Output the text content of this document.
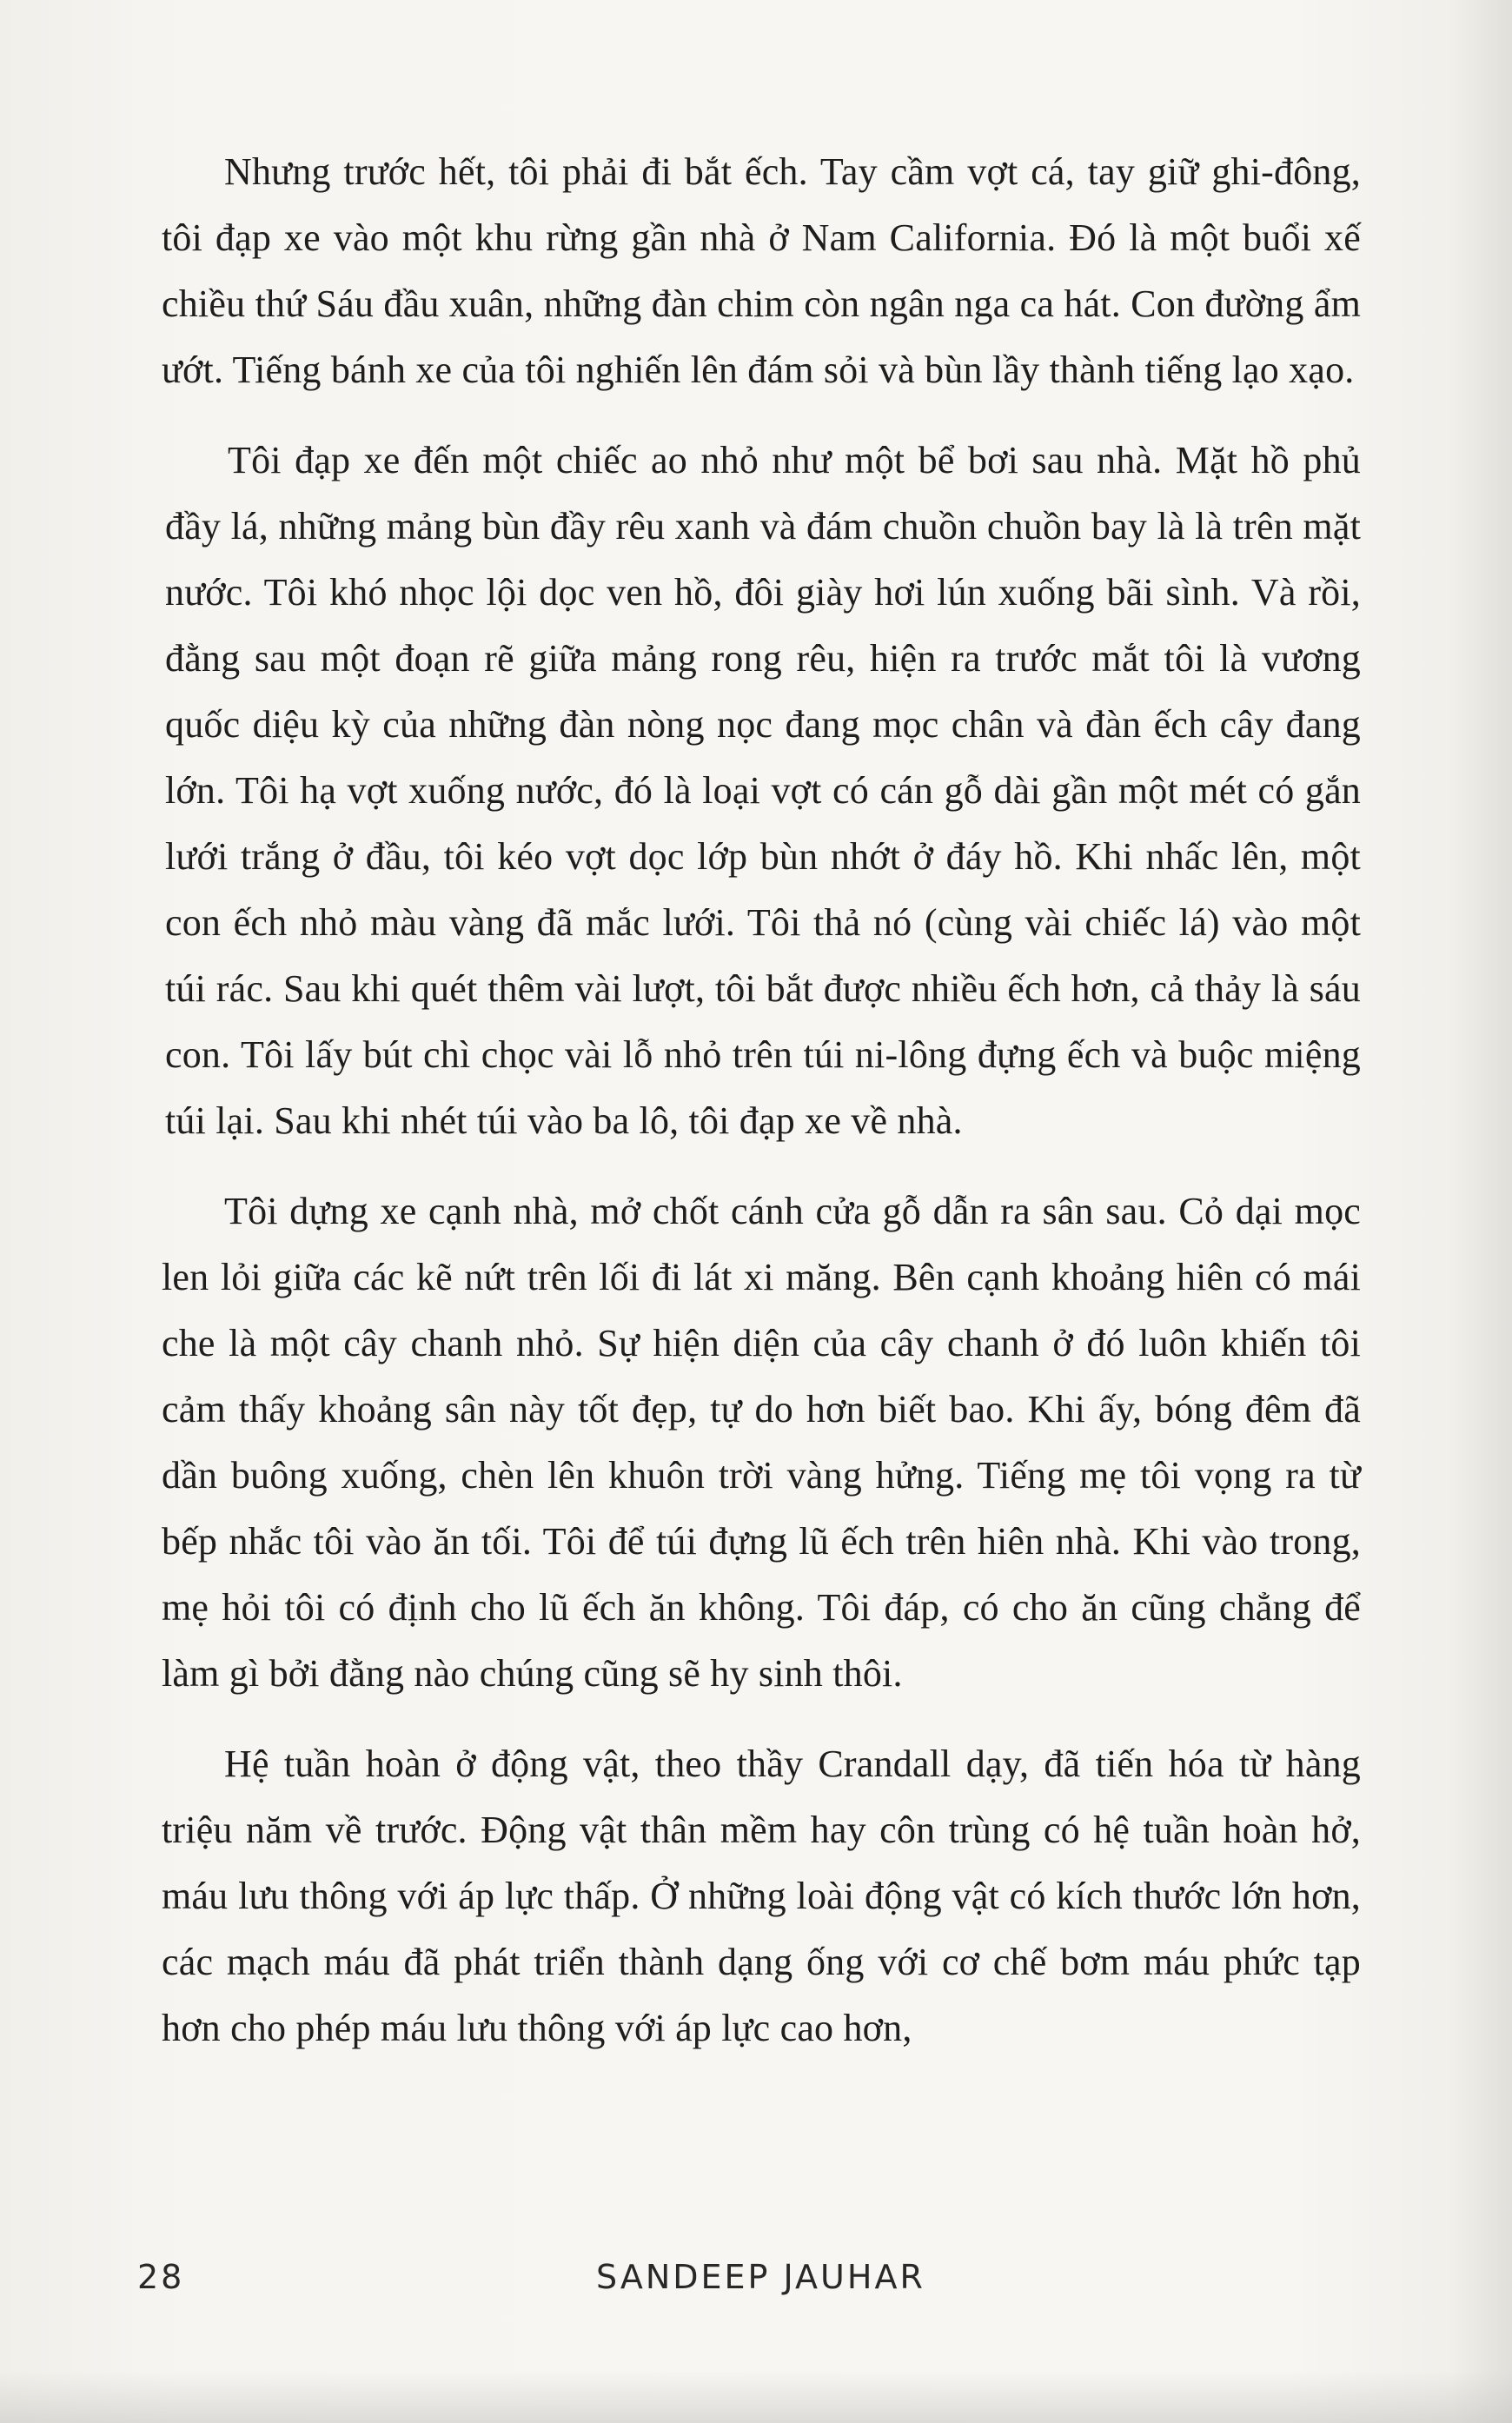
Nhưng trước hết, tôi phải đi bắt ếch. Tay cầm vợt cá, tay giữ ghi-đông, tôi đạp xe vào một khu rừng gần nhà ở Nam California. Đó là một buổi xế chiều thứ Sáu đầu xuân, những đàn chim còn ngân nga ca hát. Con đường ẩm ướt. Tiếng bánh xe của tôi nghiến lên đám sỏi và bùn lầy thành tiếng lạo xạo.

Tôi đạp xe đến một chiếc ao nhỏ như một bể bơi sau nhà. Mặt hồ phủ đầy lá, những mảng bùn đầy rêu xanh và đám chuồn chuồn bay là là trên mặt nước. Tôi khó nhọc lội dọc ven hồ, đôi giày hơi lún xuống bãi sình. Và rồi, đằng sau một đoạn rẽ giữa mảng rong rêu, hiện ra trước mắt tôi là vương quốc diệu kỳ của những đàn nòng nọc đang mọc chân và đàn ếch cây đang lớn. Tôi hạ vợt xuống nước, đó là loại vợt có cán gỗ dài gần một mét có gắn lưới trắng ở đầu, tôi kéo vợt dọc lớp bùn nhớt ở đáy hồ. Khi nhấc lên, một con ếch nhỏ màu vàng đã mắc lưới. Tôi thả nó (cùng vài chiếc lá) vào một túi rác. Sau khi quét thêm vài lượt, tôi bắt được nhiều ếch hơn, cả thảy là sáu con. Tôi lấy bút chì chọc vài lỗ nhỏ trên túi ni-lông đựng ếch và buộc miệng túi lại. Sau khi nhét túi vào ba lô, tôi đạp xe về nhà.

Tôi dựng xe cạnh nhà, mở chốt cánh cửa gỗ dẫn ra sân sau. Cỏ dại mọc len lỏi giữa các kẽ nứt trên lối đi lát xi măng. Bên cạnh khoảng hiên có mái che là một cây chanh nhỏ. Sự hiện diện của cây chanh ở đó luôn khiến tôi cảm thấy khoảng sân này tốt đẹp, tự do hơn biết bao. Khi ấy, bóng đêm đã dần buông xuống, chèn lên khuôn trời vàng hửng. Tiếng mẹ tôi vọng ra từ bếp nhắc tôi vào ăn tối. Tôi để túi đựng lũ ếch trên hiên nhà. Khi vào trong, mẹ hỏi tôi có định cho lũ ếch ăn không. Tôi đáp, có cho ăn cũng chẳng để làm gì bởi đằng nào chúng cũng sẽ hy sinh thôi.

Hệ tuần hoàn ở động vật, theo thầy Crandall dạy, đã tiến hóa từ hàng triệu năm về trước. Động vật thân mềm hay côn trùng có hệ tuần hoàn hở, máu lưu thông với áp lực thấp. Ở những loài động vật có kích thước lớn hơn, các mạch máu đã phát triển thành dạng ống với cơ chế bơm máu phức tạp hơn cho phép máu lưu thông với áp lực cao hơn,

28	SANDEEP JAUHAR
